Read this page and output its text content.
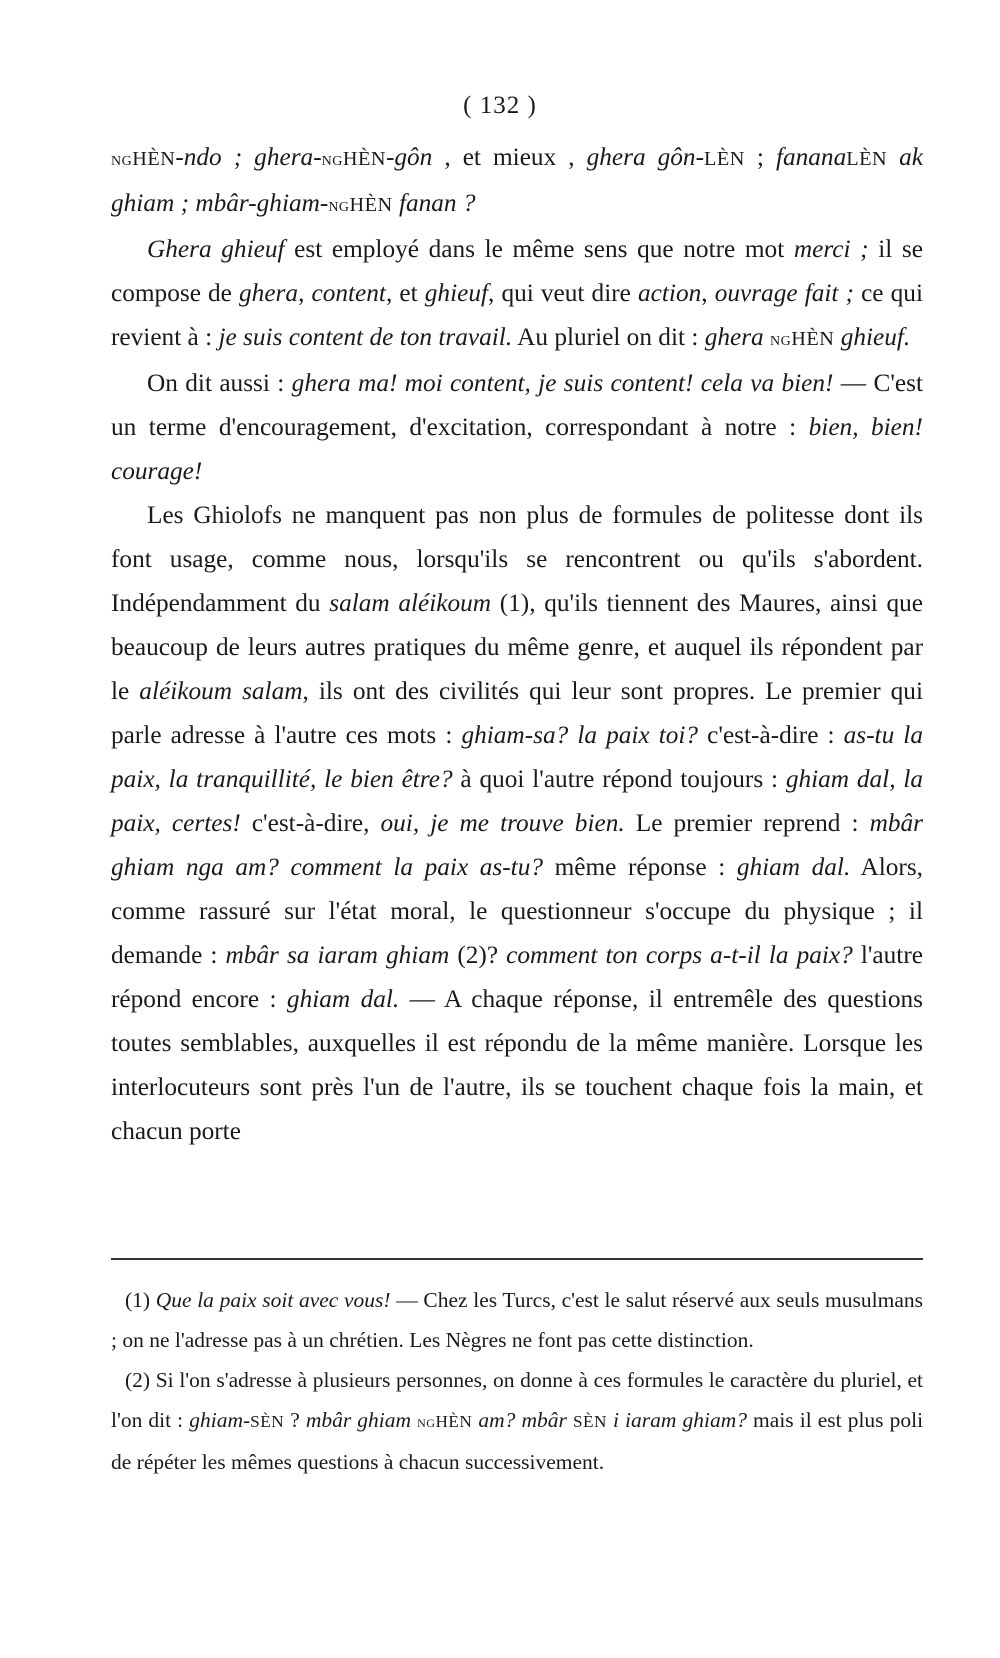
( 132 )

ngHÈN-ndo ; ghera-ngHÈN-gôn , et mieux , ghera gôn-LÈN ; fananaLÈN ak ghiam ; mbâr-ghiam-ngHÈN fanan ?

Ghera ghieuf est employé dans le même sens que notre mot merci ; il se compose de ghera, content, et ghieuf, qui veut dire action, ouvrage fait ; ce qui revient à : je suis content de ton travail. Au pluriel on dit : ghera ngHÈN ghieuf.

On dit aussi : ghera ma! moi content, je suis content! cela va bien! — C'est un terme d'encouragement, d'excitation, correspondant à notre : bien, bien! courage!

Les Ghiolofs ne manquent pas non plus de formules de politesse dont ils font usage, comme nous, lorsqu'ils se rencontrent ou qu'ils s'abordent. Indépendamment du salam aléikoum (1), qu'ils tiennent des Maures, ainsi que beaucoup de leurs autres pratiques du même genre, et auquel ils répondent par le aléikoum salam, ils ont des civilités qui leur sont propres. Le premier qui parle adresse à l'autre ces mots : ghiam-sa? la paix toi? c'est-à-dire : as-tu la paix, la tranquillité, le bien être? à quoi l'autre répond toujours : ghiam dal, la paix, certes! c'est-à-dire, oui, je me trouve bien. Le premier reprend : mbâr ghiam nga am? comment la paix as-tu? même réponse : ghiam dal. Alors, comme rassuré sur l'état moral, le questionneur s'occupe du physique ; il demande : mbâr sa iaram ghiam (2)? comment ton corps a-t-il la paix? l'autre répond encore : ghiam dal. — A chaque réponse, il entremêle des questions toutes semblables, auxquelles il est répondu de la même manière. Lorsque les interlocuteurs sont près l'un de l'autre, ils se touchent chaque fois la main, et chacun porte

(1) Que la paix soit avec vous! — Chez les Turcs, c'est le salut réservé aux seuls musulmans ; on ne l'adresse pas à un chrétien. Les Nègres ne font pas cette distinction.

(2) Si l'on s'adresse à plusieurs personnes, on donne à ces formules le caractère du pluriel, et l'on dit : ghiam-SÈN ? mbâr ghiam ngHÈN am? mbâr SÈN i iaram ghiam? mais il est plus poli de répéter les mêmes questions à chacun successivement.
